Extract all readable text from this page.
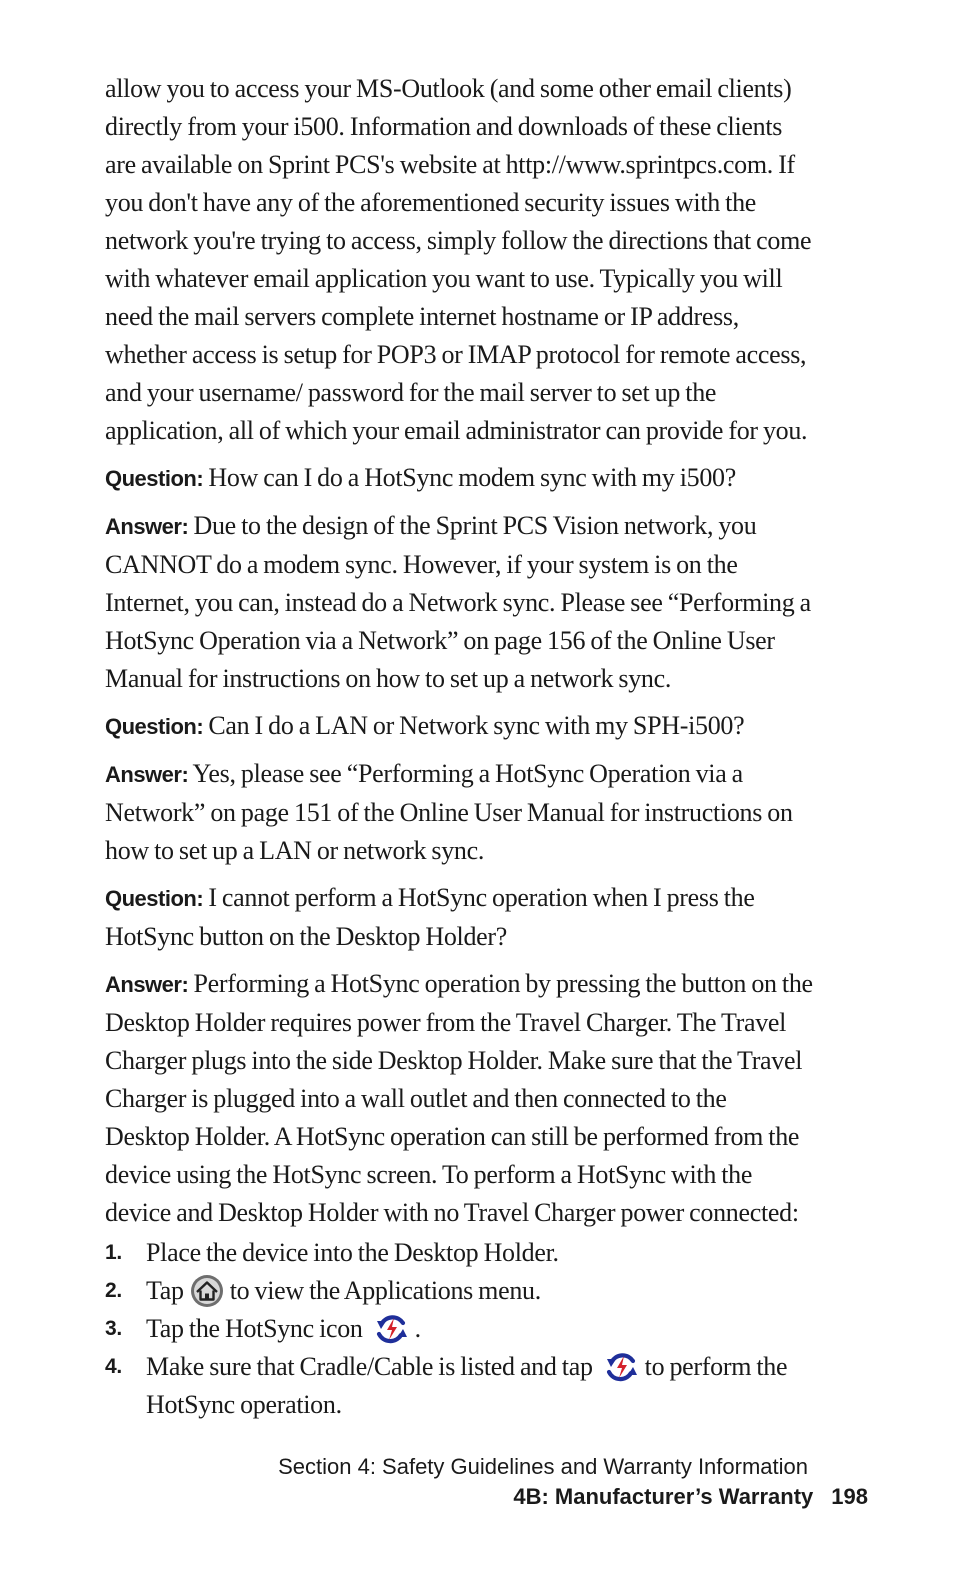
allow you to access your MS-Outlook (and some other email clients) directly from your i500. Information and downloads of these clients are available on Sprint PCS's website at http://www.sprintpcs.com. If you don't have any of the aforementioned security issues with the network you're trying to access, simply follow the directions that come with whatever email application you want to use. Typically you will need the mail servers complete internet hostname or IP address, whether access is setup for POP3 or IMAP protocol for remote access, and your username/ password for the mail server to set up the application, all of which your email administrator can provide for you.

Question: How can I do a HotSync modem sync with my i500?

Answer: Due to the design of the Sprint PCS Vision network, you CANNOT do a modem sync. However, if your system is on the Internet, you can, instead do a Network sync. Please see “Performing a HotSync Operation via a Network” on page 156 of the Online User Manual for instructions on how to set up a network sync.

Question: Can I do a LAN or Network sync with my SPH-i500?

Answer: Yes, please see “Performing a HotSync Operation via a Network” on page 151 of the Online User Manual for instructions on how to set up a LAN or network sync.

Question: I cannot perform a HotSync operation when I press the HotSync button on the Desktop Holder?

Answer: Performing a HotSync operation by pressing the button on the Desktop Holder requires power from the Travel Charger. The Travel Charger plugs into the side Desktop Holder. Make sure that the Travel Charger is plugged into a wall outlet and then connected to the Desktop Holder. A HotSync operation can still be performed from the device using the HotSync screen. To perform a HotSync with the device and Desktop Holder with no Travel Charger power connected:

1. Place the device into the Desktop Holder.
2. Tap to view the Applications menu.
3. Tap the HotSync icon .
4. Make sure that Cradle/Cable is listed and tap to perform the HotSync operation.
Section 4: Safety Guidelines and Warranty Information
4B: Manufacturer’s Warranty 198
